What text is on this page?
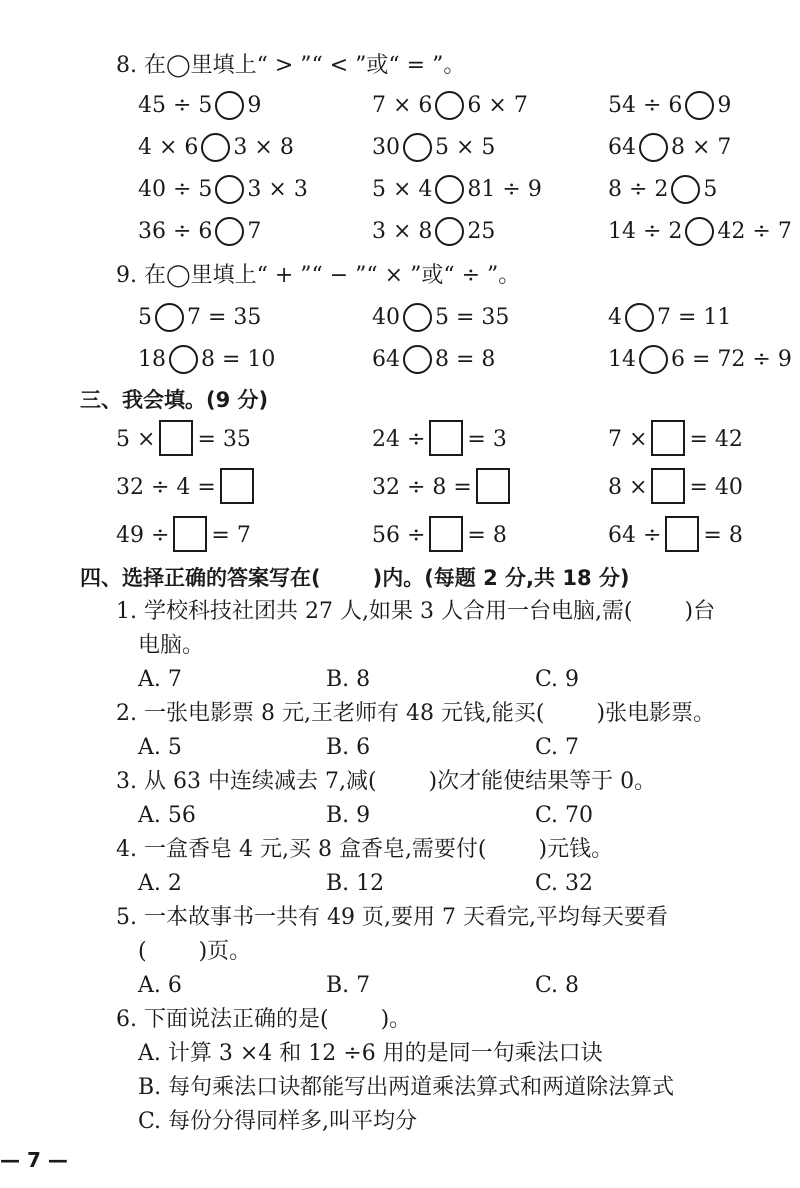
8. 在◯里填上“ > ”“ < ”或“ = ”。
45 ÷ 5 9	7 × 6 6 × 7	54 ÷ 6 9
4 × 6 3 × 8	30 5 × 5	64 8 × 7
40 ÷ 5 3 × 3	5 × 4 81 ÷ 9	8 ÷ 2 5
36 ÷ 6 7	3 × 8 25	14 ÷ 2 42 ÷ 7
9. 在◯里填上“ + ”“ − ”“ × ”或“ ÷ ”。
5 7 = 35	40 5 = 35	4 7 = 11
18 8 = 10	64 8 = 8	14 6 = 72 ÷ 9
三、我会填。(9 分)
5 × = 35	24 ÷ = 3	7 × = 42
32 ÷ 4 =	32 ÷ 8 =	8 × = 40
49 ÷ = 7	56 ÷ = 8	64 ÷ = 8
四、选择正确的答案写在( )内。(每题 2 分,共 18 分)
1. 学校科技社团共 27 人,如果 3 人合用一台电脑,需( )台
电脑。
A. 7	B. 8	C. 9
2. 一张电影票 8 元,王老师有 48 元钱,能买( )张电影票。
A. 5	B. 6	C. 7
3. 从 63 中连续减去 7,减( )次才能使结果等于 0。
A. 56	B. 9	C. 70
4. 一盒香皂 4 元,买 8 盒香皂,需要付( )元钱。
A. 2	B. 12	C. 32
5. 一本故事书一共有 49 页,要用 7 天看完,平均每天要看
( )页。
A. 6	B. 7	C. 8
6. 下面说法正确的是( )。
A. 计算 3 ×4 和 12 ÷6 用的是同一句乘法口诀
B. 每句乘法口诀都能写出两道乘法算式和两道除法算式
C. 每份分得同样多,叫平均分
— 7 —
